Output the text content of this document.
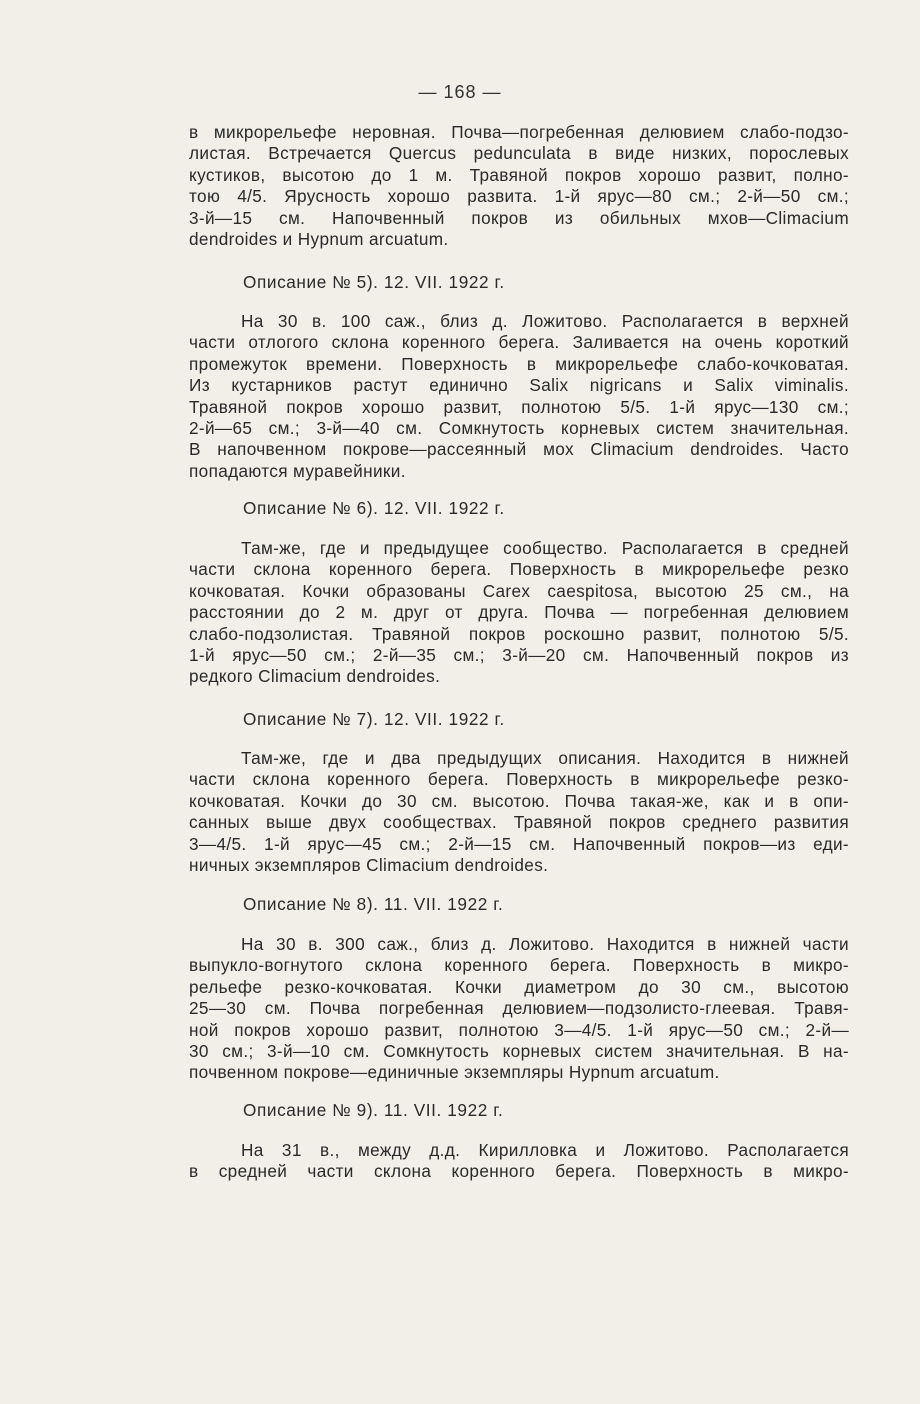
— 168 —
в микрорельефе неровная. Почва—погребенная делювием слабо-подзо-
листая. Встречается Quercus pedunculata в виде низких, порослевых
кустиков, высотою до 1 м. Травяной покров хорошо развит, полно-
тою 4/5. Ярусность хорошо развита. 1-й ярус—80 см.; 2-й—50 см.;
3-й—15 см. Напочвенный покров из обильных мхов—Climacium
dendroides и Hypnum arcuatum.
Описание № 5). 12. VII. 1922 г.
На 30 в. 100 саж., близ д. Ложитово. Располагается в верхней
части отлогого склона коренного берега. Заливается на очень короткий
промежуток времени. Поверхность в микрорельефе слабо-кочковатая.
Из кустарников растут единично Salix nigricans и Salix viminalis.
Травяной покров хорошо развит, полнотою 5/5. 1-й ярус—130 см.;
2-й—65 см.; 3-й—40 см. Сомкнутость корневых систем значительная.
В напочвенном покрове—рассеянный мох Climacium dendroides. Часто
попадаются муравейники.
Описание № 6). 12. VII. 1922 г.
Там-же, где и предыдущее сообщество. Располагается в средней
части склона коренного берега. Поверхность в микрорельефе резко
кочковатая. Кочки образованы Carex caespitosa, высотою 25 см., на
расстоянии до 2 м. друг от друга. Почва — погребенная делювием
слабо-подзолистая. Травяной покров роскошно развит, полнотою 5/5.
1-й ярус—50 см.; 2-й—35 см.; 3-й—20 см. Напочвенный покров из
редкого Climacium dendroides.
Описание № 7). 12. VII. 1922 г.
Там-же, где и два предыдущих описания. Находится в нижней
части склона коренного берега. Поверхность в микрорельефе резко-
кочковатая. Кочки до 30 см. высотою. Почва такая-же, как и в опи-
санных выше двух сообществах. Травяной покров среднего развития
3—4/5. 1-й ярус—45 см.; 2-й—15 см. Напочвенный покров—из еди-
ничных экземпляров Climacium dendroides.
Описание № 8). 11. VII. 1922 г.
На 30 в. 300 саж., близ д. Ложитово. Находится в нижней части
выпукло-вогнутого склона коренного берега. Поверхность в микро-
рельефе резко-кочковатая. Кочки диаметром до 30 см., высотою
25—30 см. Почва погребенная делювием—подзолисто-глеевая. Травя-
ной покров хорошо развит, полнотою 3—4/5. 1-й ярус—50 см.; 2-й—
30 см.; 3-й—10 см. Сомкнутость корневых систем значительная. В на-
почвенном покрове—единичные экземпляры Hypnum arcuatum.
Описание № 9). 11. VII. 1922 г.
На 31 в., между д.д. Кирилловка и Ложитово. Располагается
в средней части склона коренного берега. Поверхность в микро-
